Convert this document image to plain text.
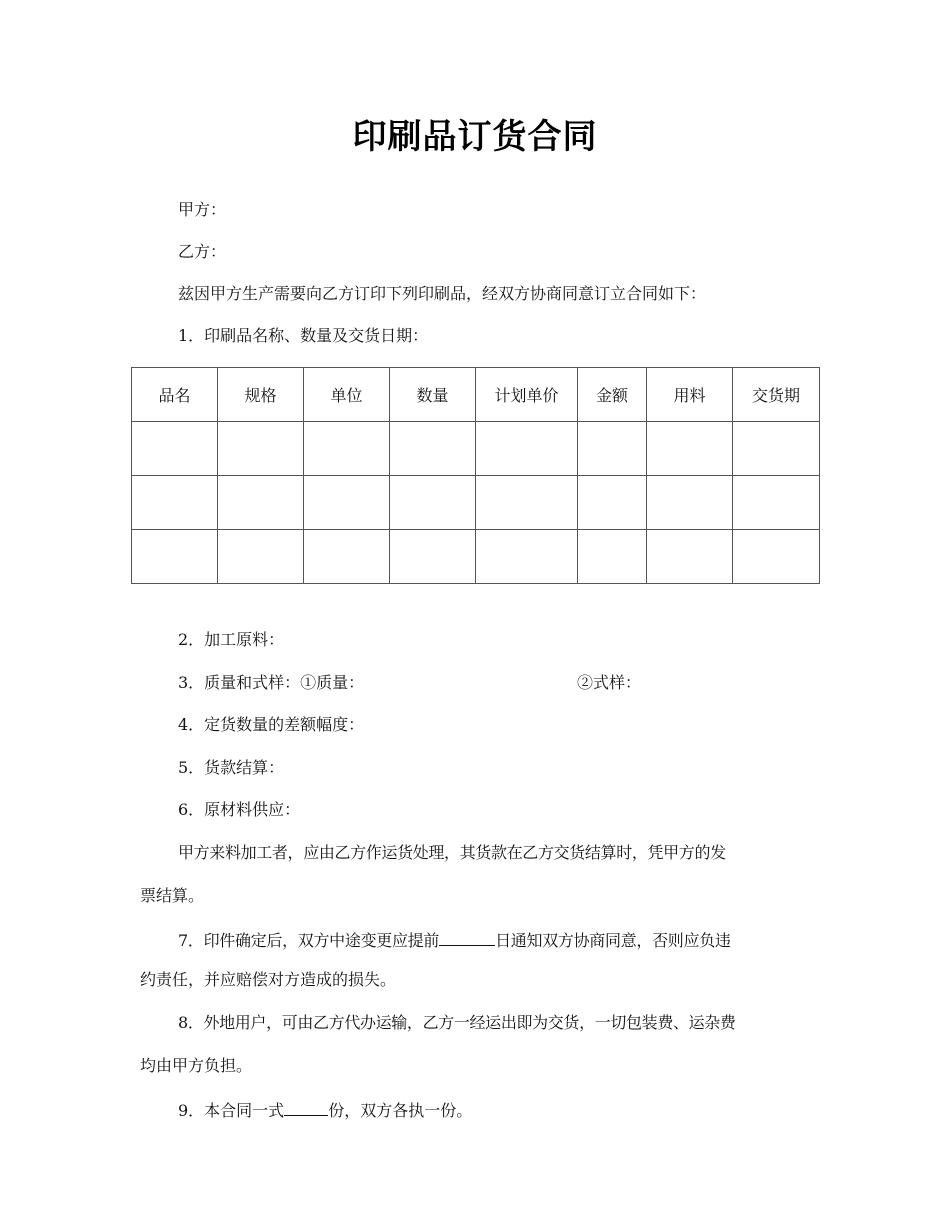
印刷品订货合同
甲方：
乙方：
兹因甲方生产需要向乙方订印下列印刷品，经双方协商同意订立合同如下：
1．印刷品名称、数量及交货日期：
品名	规格	单位	数量	计划单价	金额	用料	交货期

2．加工原料：
3．质量和式样：①质量：	②式样：
4．定货数量的差额幅度：
5．货款结算：
6．原材料供应：
甲方来料加工者，应由乙方作运货处理，其货款在乙方交货结算时，凭甲方的发
票结算。
7．印件确定后，双方中途变更应提前	日通知双方协商同意，否则应负违
约责任，并应赔偿对方造成的损失。
8．外地用户，可由乙方代办运输，乙方一经运出即为交货，一切包装费、运杂费
均由甲方负担。
9．本合同一式	份，双方各执一份。
